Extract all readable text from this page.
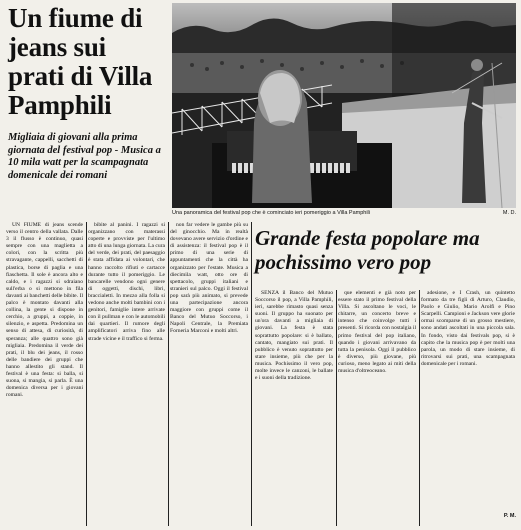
Un fiume di jeans sui prati di Villa Pamphili
Migliaia di giovani alla prima giornata del festival pop - Musica a 10 mila watt per la scampagnata domenicale dei romani
Una panoramica del festival pop che è cominciato ieri pomeriggio a Villa Pamphili	M. D.

UN FIUME di jeans scende verso il centro della vallata. Dalle 3 il flusso è continuo, quasi sempre con una maglietta a colori, con la scritta più stravagante, cappelli, sacchetti di plastica, borse di paglia e una fiaschetta. Il sole è ancora alto e caldo, e i ragazzi si sdraiano sull'erba o si mettono in fila davanti ai banchetti delle bibite. Il palco è montato davanti alla collina, la gente si dispone in cerchio, a gruppi, a coppie, in silenzio, e aspetta. Predomina un senso di attesa, di curiosità, di speranza; alle quattro sono già migliaia. Predomina il verde dei prati, il blu dei jeans, il rosso delle bandiere dei gruppi che hanno allestito gli stand. Il festival è una festa: si balla, si suona, si mangia, si parla. È una domenica diversa per i giovani romani.

bibite al panini. I ragazzi si organizzano con materassi coperte e provviste per l'ultimo atto di una lunga giornata. La cura del verde, dei prati, del paesaggio è stata affidata ai volontari, che hanno raccolto rifiuti e cartacce durante tutto il pomeriggio. Le bancarelle vendono ogni genere di oggetti, dischi, libri, braccialetti. In mezzo alla folla si vedono anche molti bambini con i genitori, famiglie intere arrivate con il pullman e con le automobili dai quartieri. Il rumore degli amplificatori arriva fino alle strade vicine e il traffico si ferma.

non far vedere le gambe più su del ginocchio. Ma in realtà dovevano avere servizio d'ordine e di assistenza: il festival pop è il primo di una serie di appuntamenti che la città ha organizzato per l'estate. Musica a diecimila watt, otto ore di spettacolo, gruppi italiani e stranieri sul palco. Oggi il festival pop sarà più animato, si prevede una partecipazione ancora maggiore con gruppi come il Banco del Mutuo Soccorso, i Napoli Centrale, la Premiata Forneria Marconi e molti altri.

Grande festa popolare ma pochissimo vero pop

SENZA il Banco del Mutuo Soccorso il pop, a Villa Pamphili, ieri, sarebbe rimasto quasi senza suoni. Il gruppo ha suonato per un'ora davanti a migliaia di giovani. La festa è stata soprattutto popolare: si è ballato, cantato, mangiato sui prati. Il pubblico è venuto soprattutto per stare insieme, più che per la musica. Pochissimo il vero pop, molte invece le canzoni, le ballate e i suoni della tradizione.

que elementi e già noto per essere stato il primo festival della Villa. Si ascoltano le voci, le chitarre, un concerto breve e intenso che coinvolge tutti i presenti. Si ricorda con nostalgia il primo festival del pop italiano, quando i giovani arrivavano da tutta la penisola. Oggi il pubblico è diverso, più giovane, più curioso, meno legato ai miti della musica d'oltreoceano.

adesione, e I Crash, un quintetto formato da tre figli di Arturo, Claudio, Paolo e Giulio, Mario Arolfi e Pino Scarpelli. Campioni e Jackson vere glorie ormai scomparse di un grosso mestiere, sono andati ascoltati in una piccola sala. In fondo, visto dai festivals pop, si è capito che la musica pop è per molti una parola, un modo di stare insieme, di ritrovarsi sui prati, una scampagnata domenicale per i romani.

P. M.
